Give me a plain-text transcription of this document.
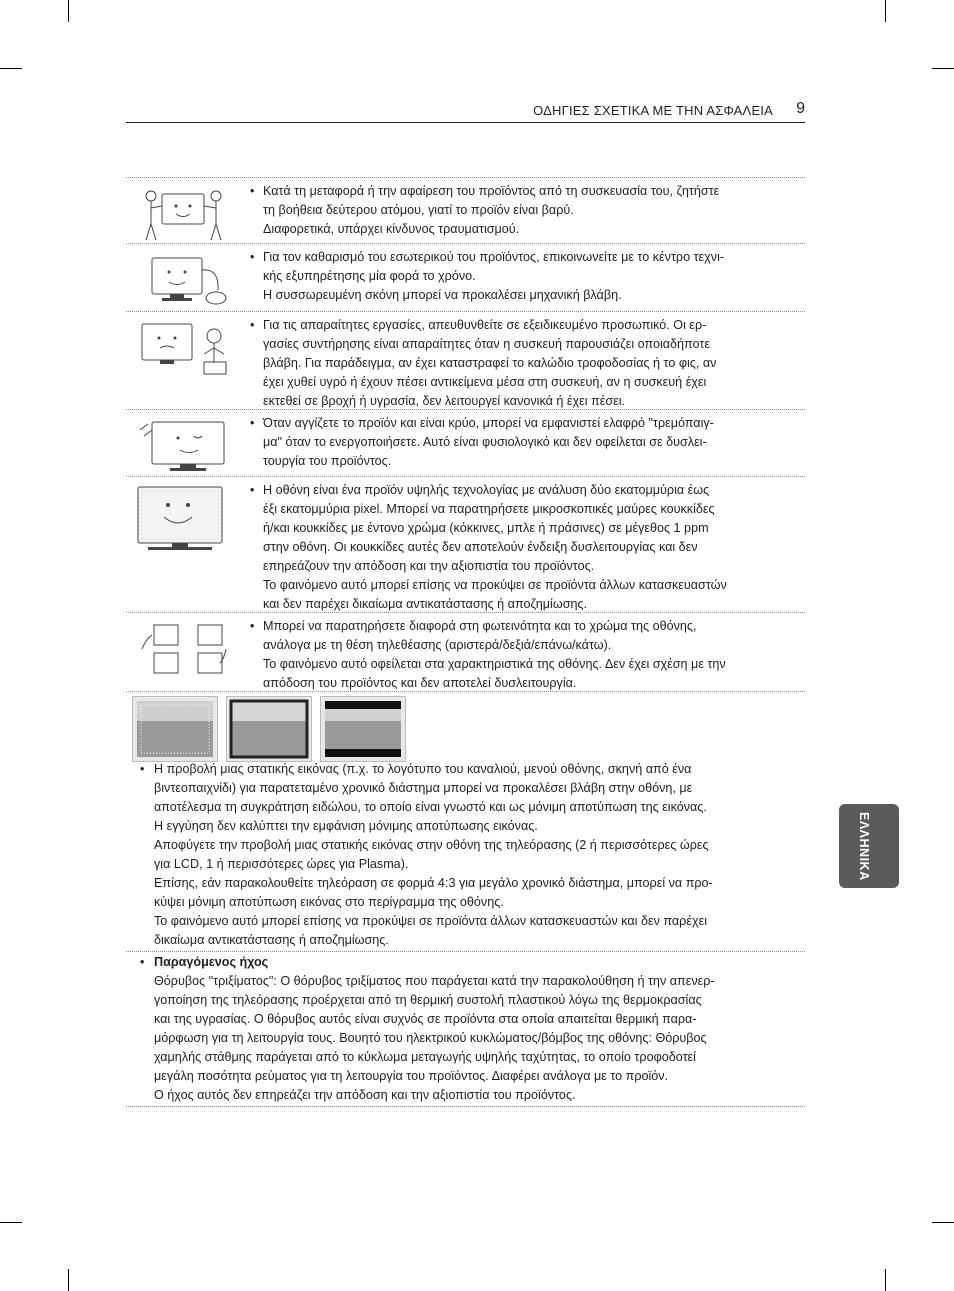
ΟΔΗΓΙΕΣ ΣΧΕΤΙΚΑ ΜΕ ΤΗΝ ΑΣΦΑΛΕΙΑ 9
• Κατά τη μεταφορά ή την αφαίρεση του προϊόντος από τη συσκευασία του, ζητήστε
τη βοήθεια δεύτερου ατόμου, γιατί το προϊόν είναι βαρύ.
Διαφορετικά, υπάρχει κίνδυνος τραυματισμού.
• Για τον καθαρισμό του εσωτερικού του προϊόντος, επικοινωνείτε με το κέντρο τεχνι-
κής εξυπηρέτησης μία φορά το χρόνο.
Η συσσωρευμένη σκόνη μπορεί να προκαλέσει μηχανική βλάβη.
• Για τις απαραίτητες εργασίες, απευθυνθείτε σε εξειδικευμένο προσωπικό. Οι ερ-
γασίες συντήρησης είναι απαραίτητες όταν η συσκευή παρουσιάζει οποιαδήποτε
βλάβη. Για παράδειγμα, αν έχει καταστραφεί το καλώδιο τροφοδοσίας ή το φις, αν
έχει χυθεί υγρό ή έχουν πέσει αντικείμενα μέσα στη συσκευή, αν η συσκευή έχει
εκτεθεί σε βροχή ή υγρασία, δεν λειτουργεί κανονικά ή έχει πέσει.
• Όταν αγγίζετε το προϊόν και είναι κρύο, μπορεί να εμφανιστεί ελαφρό "τρεμόπαιγ-
μα" όταν το ενεργοποιήσετε. Αυτό είναι φυσιολογικό και δεν οφείλεται σε δυσλει-
τουργία του προϊόντος.
• Η οθόνη είναι ένα προϊόν υψηλής τεχνολογίας με ανάλυση δύο εκατομμύρια έως
έξι εκατομμύρια pixel. Μπορεί να παρατηρήσετε μικροσκοπικές μαύρες κουκκίδες
ή/και κουκκίδες με έντονο χρώμα (κόκκινες, μπλε ή πράσινες) σε μέγεθος 1 ppm
στην οθόνη. Οι κουκκίδες αυτές δεν αποτελούν ένδειξη δυσλειτουργίας και δεν
επηρεάζουν την απόδοση και την αξιοπιστία του προϊόντος.
Το φαινόμενο αυτό μπορεί επίσης να προκύψει σε προϊόντα άλλων κατασκευαστών
και δεν παρέχει δικαίωμα αντικατάστασης ή αποζημίωσης.
• Μπορεί να παρατηρήσετε διαφορά στη φωτεινότητα και το χρώμα της οθόνης,
ανάλογα με τη θέση τηλεθέασης (αριστερά/δεξιά/επάνω/κάτω).
Το φαινόμενο αυτό οφείλεται στα χαρακτηριστικά της οθόνης. Δεν έχει σχέση με την
απόδοση του προϊόντος και δεν αποτελεί δυσλειτουργία.
• Η προβολή μιας στατικής εικόνας (π.χ. το λογότυπο του καναλιού, μενού οθόνης, σκηνή από ένα
βιντεοπαιχνίδι) για παρατεταμένο χρονικό διάστημα μπορεί να προκαλέσει βλάβη στην οθόνη, με
αποτέλεσμα τη συγκράτηση ειδώλου, το οποίο είναι γνωστό και ως μόνιμη αποτύπωση της εικόνας.
Η εγγύηση δεν καλύπτει την εμφάνιση μόνιμης αποτύπωσης εικόνας.
Αποφύγετε την προβολή μιας στατικής εικόνας στην οθόνη της τηλεόρασης (2 ή περισσότερες ώρες
για LCD, 1 ή περισσότερες ώρες για Plasma).
Επίσης, εάν παρακολουθείτε τηλεόραση σε φορμά 4:3 για μεγάλο χρονικό διάστημα, μπορεί να προ-
κύψει μόνιμη αποτύπωση εικόνας στο περίγραμμα της οθόνης.
Το φαινόμενο αυτό μπορεί επίσης να προκύψει σε προϊόντα άλλων κατασκευαστών και δεν παρέχει
δικαίωμα αντικατάστασης ή αποζημίωσης.
• Παραγόμενος ήχος
Θόρυβος "τριξίματος": Ο θόρυβος τριξίματος που παράγεται κατά την παρακολούθηση ή την απενερ-
γοποίηση της τηλεόρασης προέρχεται από τη θερμική συστολή πλαστικού λόγω της θερμοκρασίας
και της υγρασίας. Ο θόρυβος αυτός είναι συχνός σε προϊόντα στα οποία απαιτείται θερμική παρα-
μόρφωση για τη λειτουργία τους. Βουητό του ηλεκτρικού κυκλώματος/βόμβος της οθόνης: Θόρυβος
χαμηλής στάθμης παράγεται από το κύκλωμα μεταγωγής υψηλής ταχύτητας, το οποίο τροφοδοτεί
μεγάλη ποσότητα ρεύματος για τη λειτουργία του προϊόντος. Διαφέρει ανάλογα με το προϊόν.
Ο ήχος αυτός δεν επηρεάζει την απόδοση και την αξιοπιστία του προϊόντος.
ΕΛΛΗΝΙΚΑ
